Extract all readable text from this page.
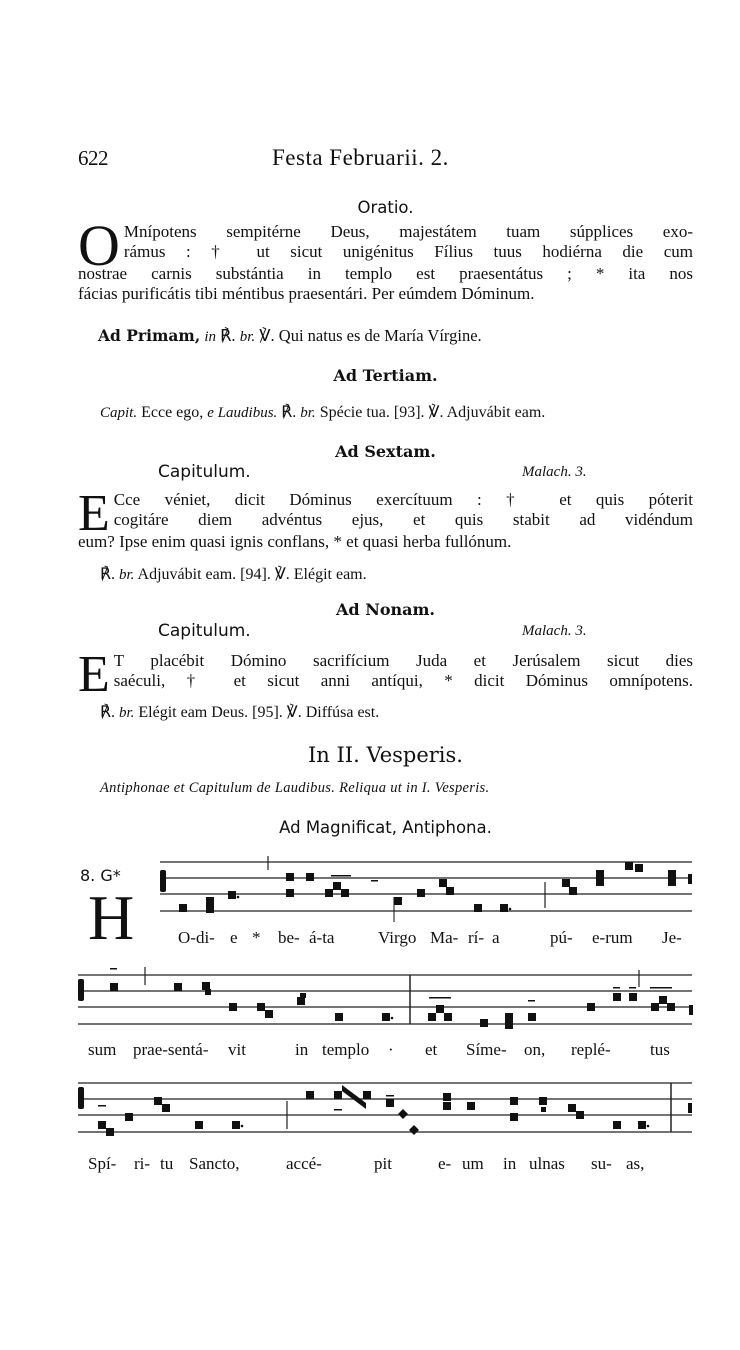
622	Festa Februarii. 2.
Oratio.
O Mnípotens sempitérne Deus, majestátem tuam súpplices exo-
rámus : † ut sicut unigénitus Fílius tuus hodiérna die cum
nostrae carnis substántia in templo est praesentátus ; * ita nos
fácias purificátis tibi méntibus praesentári. Per eúmdem Dóminum.
Ad Primam, in ℟. br. ℣. Qui natus es de María Vírgine.
Ad Tertiam.
Capit. Ecce ego, e Laudibus. ℟. br. Spécie tua. [93]. ℣. Adjuvábit eam.
Ad Sextam.
Capitulum.	Malach. 3.
E Cce véniet, dicit Dóminus exercítuum : † et quis póterit
cogitáre diem advéntus ejus, et quis stabit ad vidéndum
eum? Ipse enim quasi ignis conflans, * et quasi herba fullónum.
℟. br. Adjuvábit eam. [94]. ℣. Elégit eam.
Ad Nonam.
Capitulum.	Malach. 3.
E T placébit Dómino sacrifícium Juda et Jerúsalem sicut dies
saéculi, † et sicut anni antíqui, * dicit Dóminus omnípotens.
℟. br. Elégit eam Deus. [95]. ℣. Diffúsa est.
In II. Vesperis.
Antiphonae et Capitulum de Laudibus. Reliqua ut in I. Vesperis.
Ad Magnificat, Antiphona.
8. G*
H	O-di- e * be- á-ta	Virgo Ma- rí- a	pú- e-rum Je-
sum prae-sentá- vit	in templo · et Síme- on, replé- tus
Spí- ri- tu Sancto,	accé-	pit	e- um in ulnas su- as,
